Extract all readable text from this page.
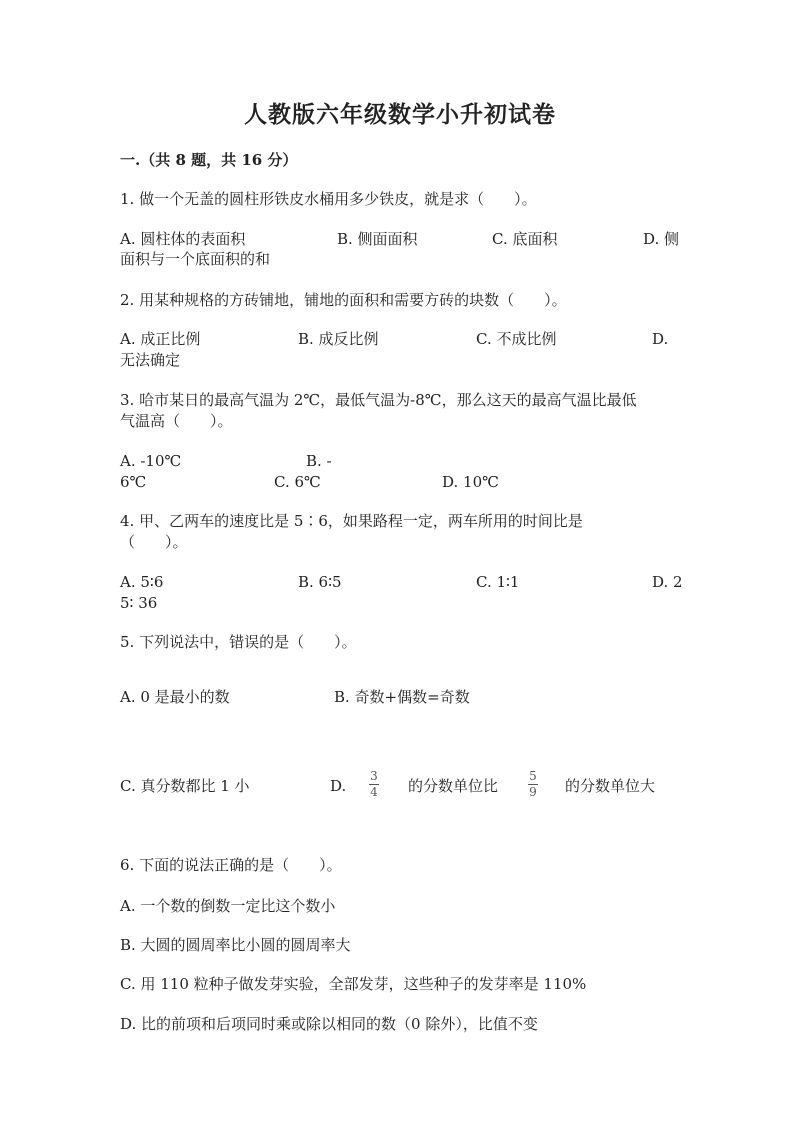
人教版六年级数学小升初试卷
一.（共 8 题，共 16 分）
1. 做一个无盖的圆柱形铁皮水桶用多少铁皮，就是求（　　）。
A. 圆柱体的表面积	B. 侧面面积	C. 底面积	D. 侧
面积与一个底面积的和
2. 用某种规格的方砖铺地，铺地的面积和需要方砖的块数（　　）。
A. 成正比例	B. 成反比例	C. 不成比例	D.
无法确定
3. 哈市某日的最高气温为 2℃，最低气温为-8℃，那么这天的最高气温比最低
气温高（　　）。
A. -10℃	B. -
6℃	C. 6℃	D. 10℃
4. 甲、乙两车的速度比是 5∶6，如果路程一定，两车所用的时间比是
（　　）。
A. 5∶6	B. 6∶5	C. 1∶1	D. 2
5∶ 36
5. 下列说法中，错误的是（　　）。
A. 0 是最小的数	B. 奇数+偶数=奇数
C. 真分数都比 1 小	D.
3
4 的分数单位比
5
9 的分数单位大
6. 下面的说法正确的是（　　）。
A. 一个数的倒数一定比这个数小
B. 大圆的圆周率比小圆的圆周率大
C. 用 110 粒种子做发芽实验，全部发芽，这些种子的发芽率是 110%
D. 比的前项和后项同时乘或除以相同的数（0 除外），比值不变
